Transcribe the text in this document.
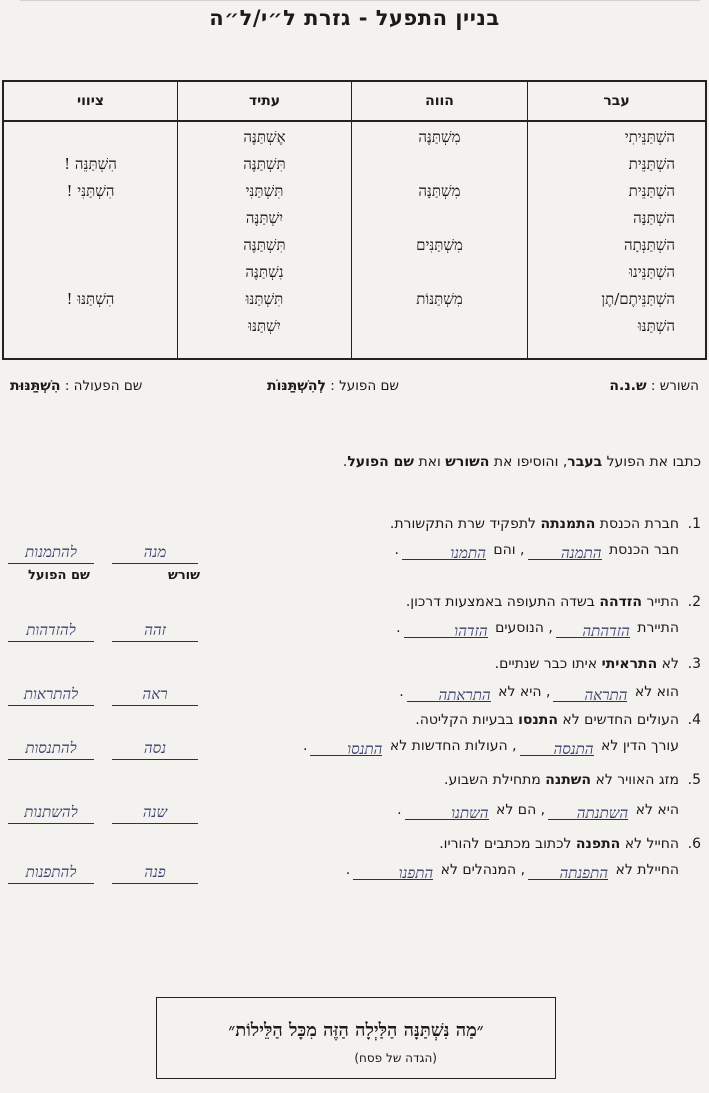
בניין התפעל - גזרת ל״י/ל״ה
עבר
השְׁתַּנֵּיתִי
השְׁתַּנֵּית
השְׁתַּנֵּית
השְׁתַּנָּה
השְׁתַּנְּתָה
השְׁתַּנֵּינוּ
השְׁתַּנֵּיתֶם/תֶן
השְׁתַּנּוּ
הווה
מִשְׁתַּנֶּה
מִשְׁתַּנָּה
מִשְׁתַּנִּים
מִשְׁתַּנּוֹת
עתיד
אֶשְׁתַּנֶּה
תִּשְׁתַּנֶּה
תִּשְׁתַּנִּי
יִשְׁתַּנֶּה
תִּשְׁתַּנֶּה
נִשְׁתַּנֶּה
תִּשְׁתַּנּוּ
יִשְׁתַּנּוּ
ציווי
הִשְׁתַּנֵּה !
הִשְׁתַּנִּי !
הִשְׁתַּנּוּ !
השורש : ש.נ.ה
שם הפועל : לְהִשְׁתַּנּוֹת
שם הפעולה : הִשְׁתַּנּוּת
כתבו את הפועל בעבר, והוסיפו את השורש ואת שם הפועל.
שם הפועל	שורש
1.חברת הכנסת התמנתה לתפקיד שרת התקשורת.
חבר הכנסת התמנה, והם התמנו.
מנה
להתמנות
2.התייר הזדהה בשדה התעופה באמצעות דרכון.
התיירת הזדהתה, הנוסעים הזדהו.
זהה
להזדהות
3.לא התראיתי איתו כבר שנתיים.
הוא לא התראה, היא לא התראתה.
ראה
להתראות
4.העולים החדשים לא התנסו בבעיות הקליטה.
עורך הדין לא התנסה, העולות החדשות לא התנסו.
נסה
להתנסות
5.מזג האוויר לא השתנה מתחילת השבוע.
היא לא השתנתה, הם לא השתנו.
שנה
להשתנות
6.החייל לא התפנה לכתוב מכתבים להוריו.
החיילת לא התפנתה, המנהלים לא התפנו.
פנה
להתפנות
״מַה נִּשְׁתַּנָּה הַלַּיְלָה הַזֶּה מִכָּל הַלֵּילוֹת״
(הגדה של פסח)
